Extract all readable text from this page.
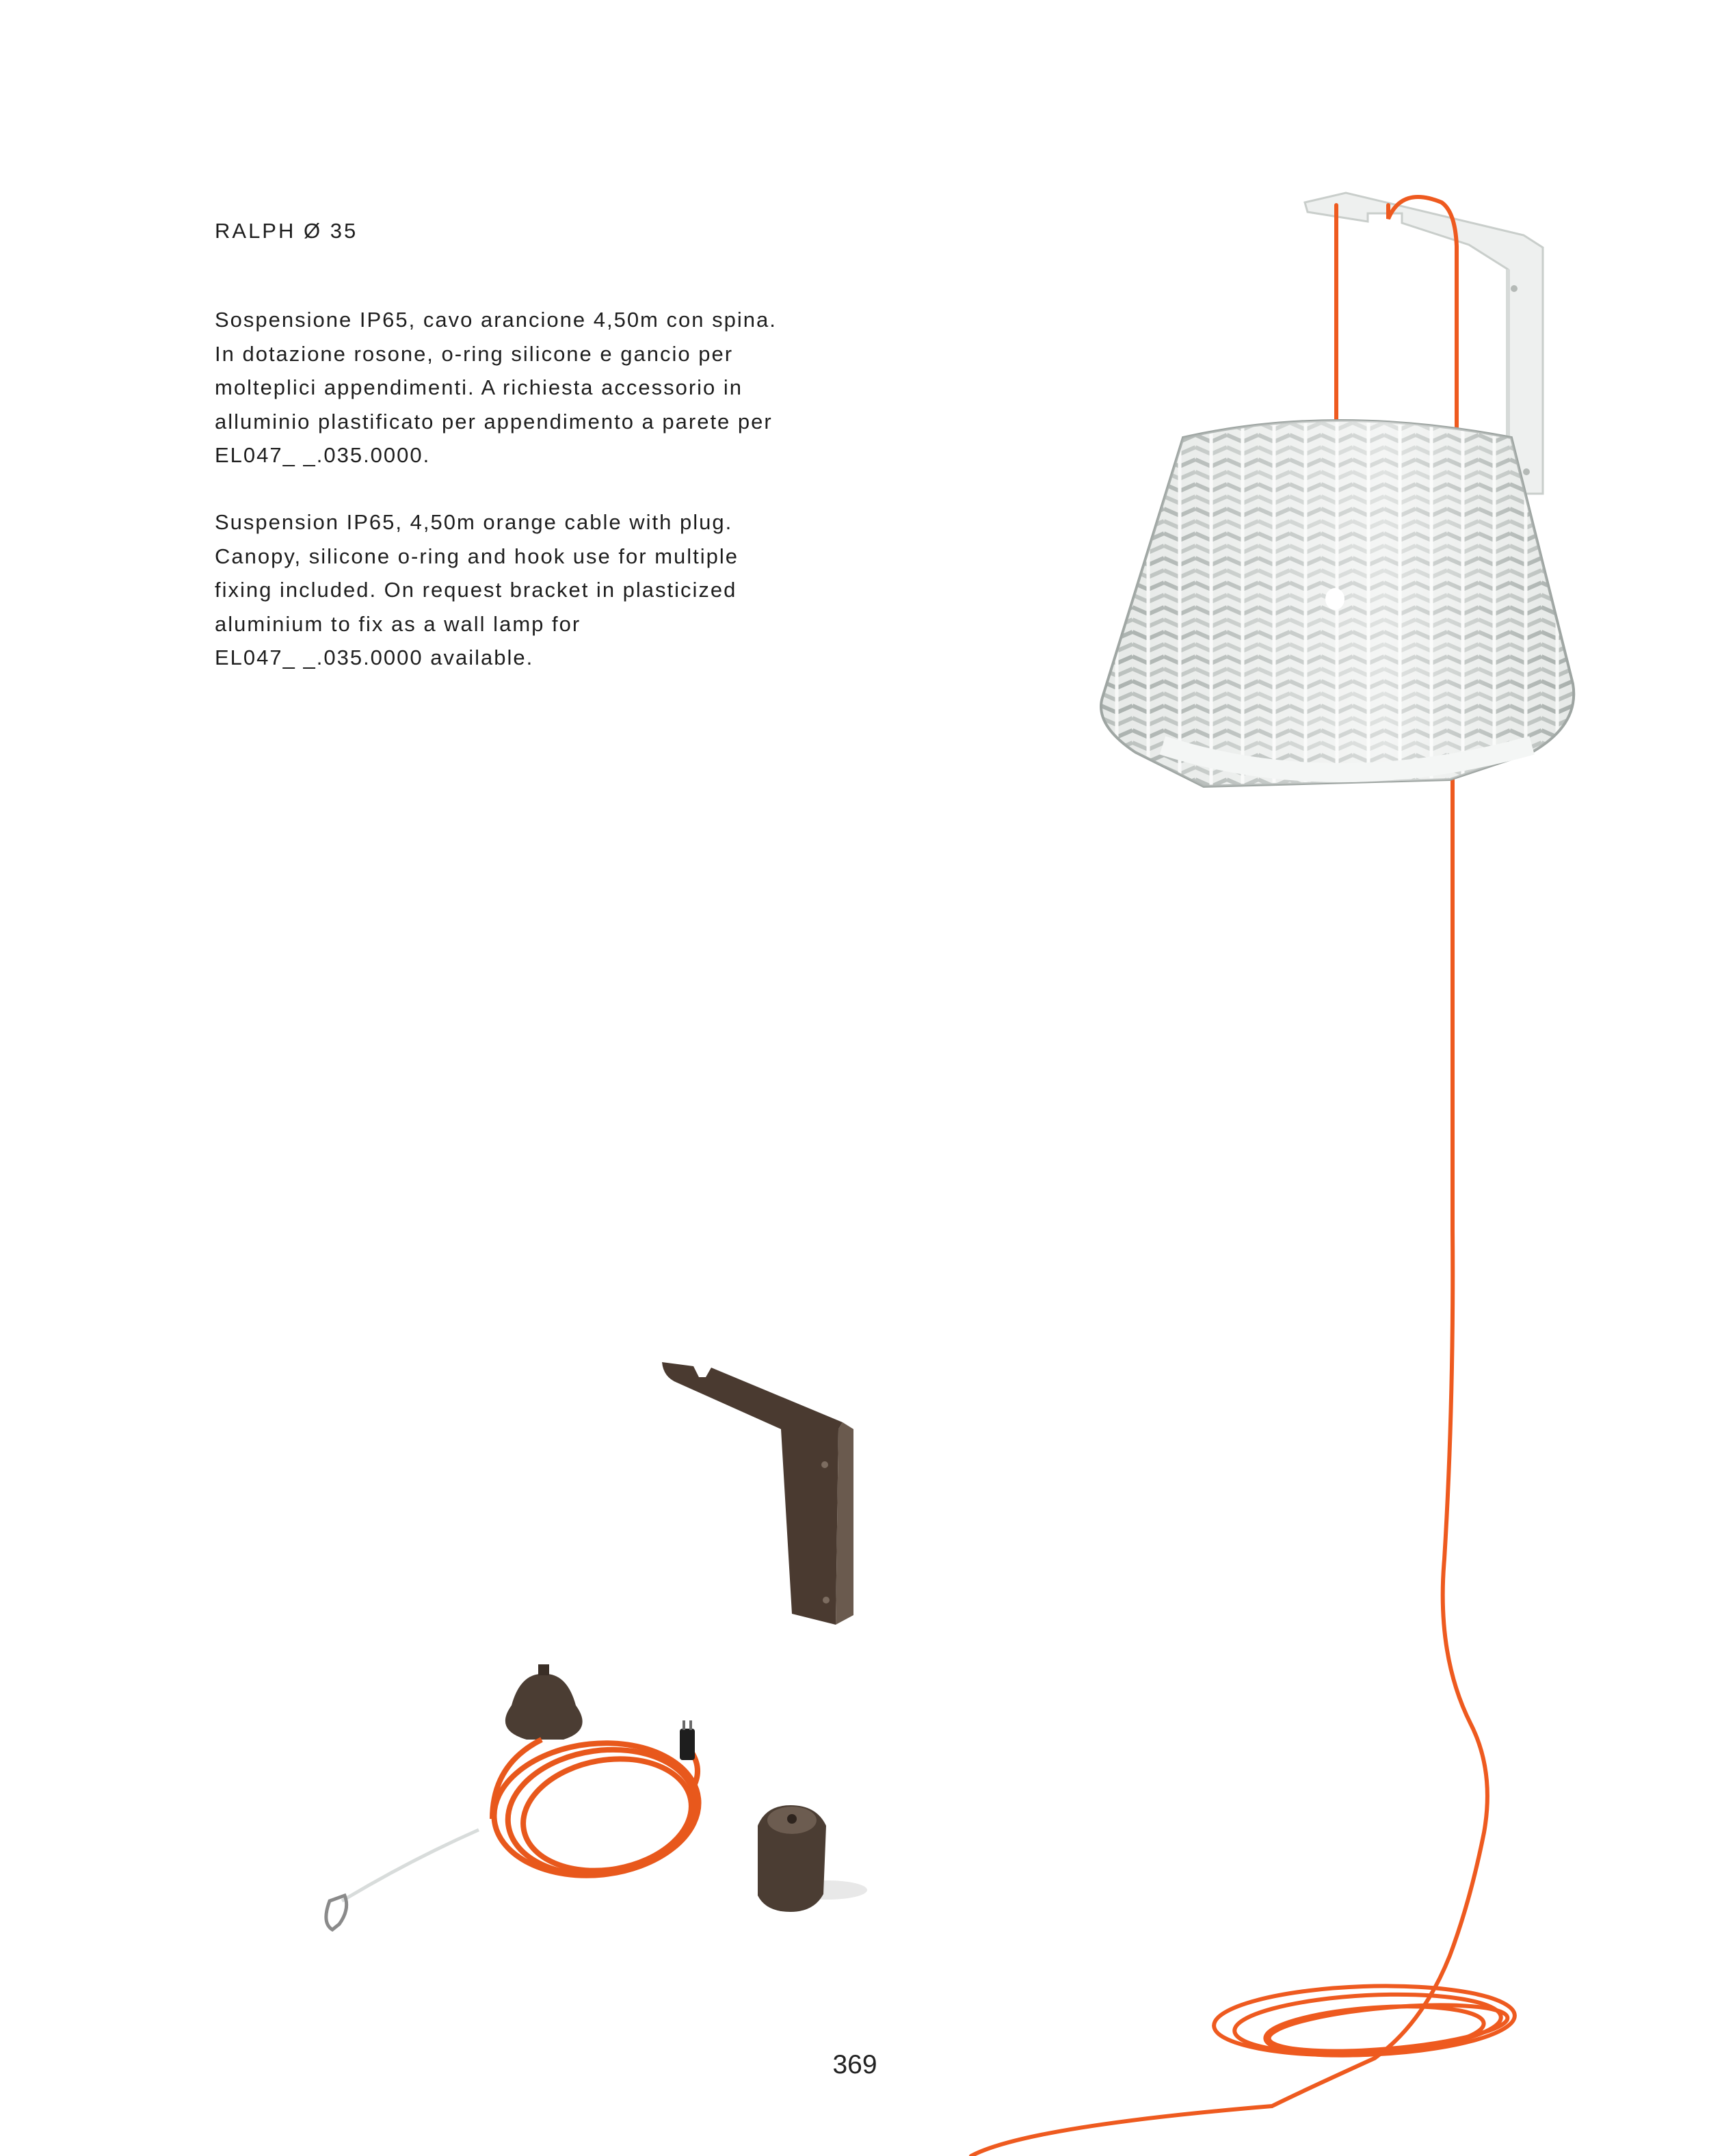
RALPH Ø 35
Sospensione IP65, cavo arancione 4,50m con spina.
In dotazione rosone, o-ring silicone e gancio per
molteplici appendimenti. A richiesta accessorio in
alluminio plastificato per appendimento a parete per
EL047_ _.035.0000.
Suspension IP65, 4,50m orange cable with plug.
Canopy, silicone o-ring and hook use for multiple
fixing included. On request bracket in plasticized
aluminium to fix as a wall lamp for
EL047_ _.035.0000 available.
369
